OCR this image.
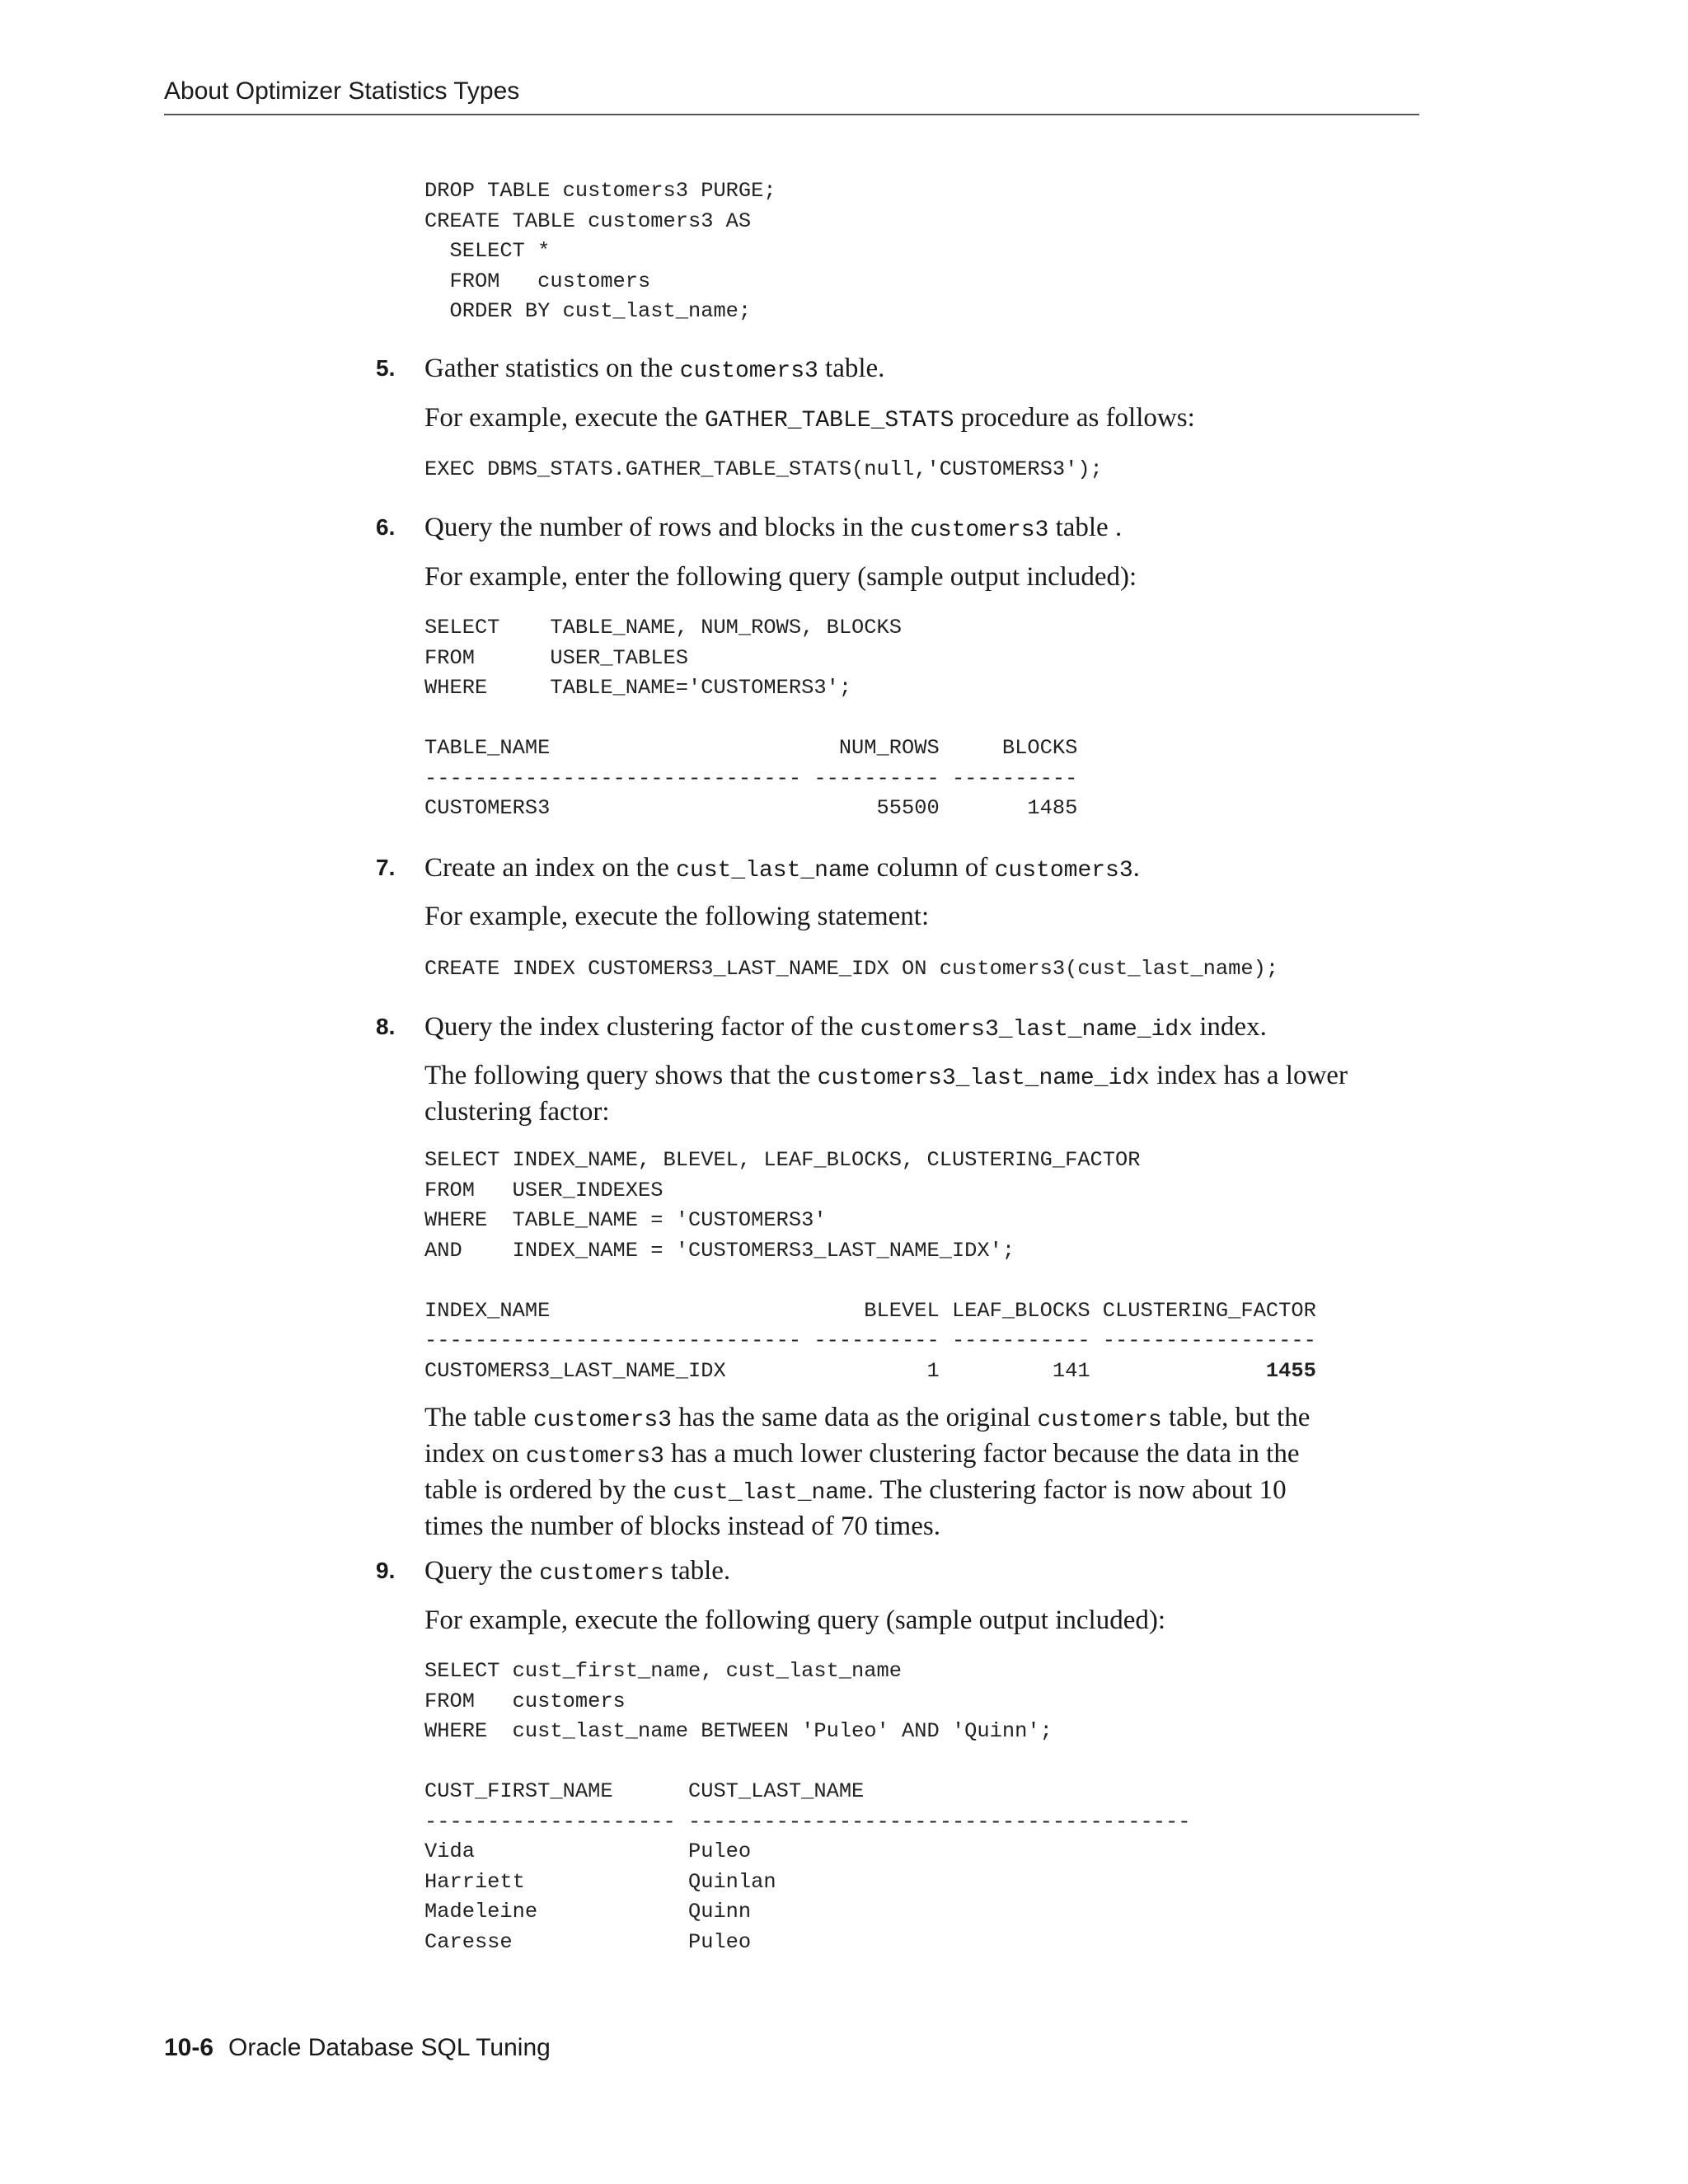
About Optimizer Statistics Types
DROP TABLE customers3 PURGE;
CREATE TABLE customers3 AS
SELECT *
FROM   customers
ORDER BY cust_last_name;
5. Gather statistics on the customers3 table.
For example, execute the GATHER_TABLE_STATS procedure as follows:
EXEC DBMS_STATS.GATHER_TABLE_STATS(null,'CUSTOMERS3');
6. Query the number of rows and blocks in the customers3 table .
For example, enter the following query (sample output included):
SELECT    TABLE_NAME, NUM_ROWS, BLOCKS
FROM      USER_TABLES
WHERE     TABLE_NAME='CUSTOMERS3';

TABLE_NAME                       NUM_ROWS     BLOCKS
------------------------------ ---------- ----------
CUSTOMERS3                          55500       1485
7. Create an index on the cust_last_name column of customers3.
For example, execute the following statement:
CREATE INDEX CUSTOMERS3_LAST_NAME_IDX ON customers3(cust_last_name);
8. Query the index clustering factor of the customers3_last_name_idx index.
The following query shows that the customers3_last_name_idx index has a lower
clustering factor:
SELECT INDEX_NAME, BLEVEL, LEAF_BLOCKS, CLUSTERING_FACTOR
FROM   USER_INDEXES
WHERE  TABLE_NAME = 'CUSTOMERS3'
AND    INDEX_NAME = 'CUSTOMERS3_LAST_NAME_IDX';

INDEX_NAME                         BLEVEL LEAF_BLOCKS CLUSTERING_FACTOR
------------------------------ ---------- ----------- -----------------
CUSTOMERS3_LAST_NAME_IDX                1         141	1455
The table customers3 has the same data as the original customers table, but the
index on customers3 has a much lower clustering factor because the data in the
table is ordered by the cust_last_name. The clustering factor is now about 10
times the number of blocks instead of 70 times.
9. Query the customers table.
For example, execute the following query (sample output included):
SELECT cust_first_name, cust_last_name
FROM   customers
WHERE  cust_last_name BETWEEN 'Puleo' AND 'Quinn';

CUST_FIRST_NAME      CUST_LAST_NAME
-------------------- ----------------------------------------
Vida                 Puleo
Harriett             Quinlan
Madeleine            Quinn
Caresse              Puleo
10-6 Oracle Database SQL Tuning
